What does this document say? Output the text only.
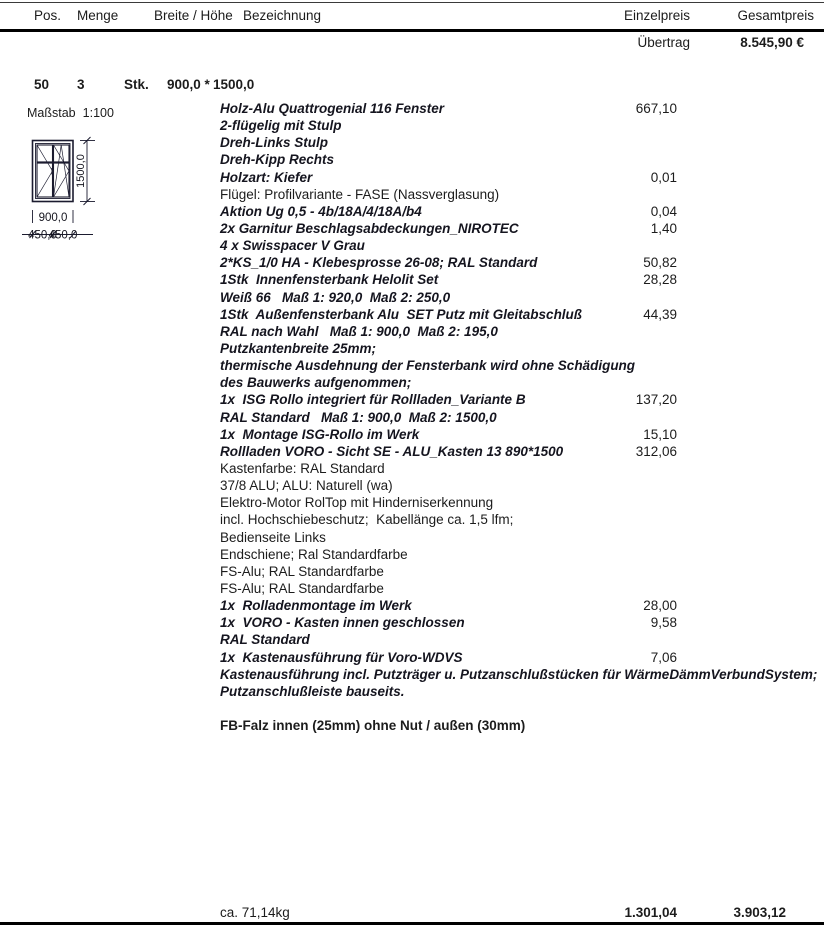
Pos. Menge	Breite / Höhe Bezeichnung	Einzelpreis	Gesamtpreis
Übertrag	8.545,90 €
50 3	Stk. 900,0 * 1500,0
Maßstab 1:100
1500,0
900,0
450,0
450,0
Holz-Alu Quattrogenial 116 Fenster	667,10
2-flügelig mit Stulp
Dreh-Links Stulp
Dreh-Kipp Rechts
Holzart: Kiefer	0,01
Flügel: Profilvariante - FASE (Nassverglasung)
Aktion Ug 0,5 - 4b/18A/4/18A/b4	0,04
2x Garnitur Beschlagsabdeckungen_NIROTEC	1,40
4 x Swisspacer V Grau
2*KS_1/0 HA - Klebesprosse 26-08; RAL Standard	50,82
1Stk  Innenfensterbank Helolit Set	28,28
Weiß 66   Maß 1: 920,0  Maß 2: 250,0
1Stk  Außenfensterbank Alu  SET Putz mit Gleitabschluß	44,39
RAL nach Wahl   Maß 1: 900,0  Maß 2: 195,0
Putzkantenbreite 25mm;
thermische Ausdehnung der Fensterbank wird ohne Schädigung
des Bauwerks aufgenommen;
1x  ISG Rollo integriert für Rollladen_Variante B	137,20
RAL Standard   Maß 1: 900,0  Maß 2: 1500,0
1x  Montage ISG-Rollo im Werk	15,10
Rollladen VORO - Sicht SE - ALU_Kasten 13 890*1500	312,06
Kastenfarbe: RAL Standard
37/8 ALU; ALU: Naturell (wa)
Elektro-Motor RolTop mit Hinderniserkennung
incl. Hochschiebeschutz;  Kabellänge ca. 1,5 lfm;
Bedienseite Links
Endschiene; Ral Standardfarbe
FS-Alu; RAL Standardfarbe
FS-Alu; RAL Standardfarbe
1x  Rolladenmontage im Werk	28,00
1x  VORO - Kasten innen geschlossen	9,58
RAL Standard
1x  Kastenausführung für Voro-WDVS	7,06
Kastenausführung incl. Putzträger u. Putzanschlußstücken für WärmeDämmVerbundSystem;
Putzanschlußleiste bauseits.
FB-Falz innen (25mm) ohne Nut / außen (30mm)
ca. 71,14kg	1.301,04	3.903,12
